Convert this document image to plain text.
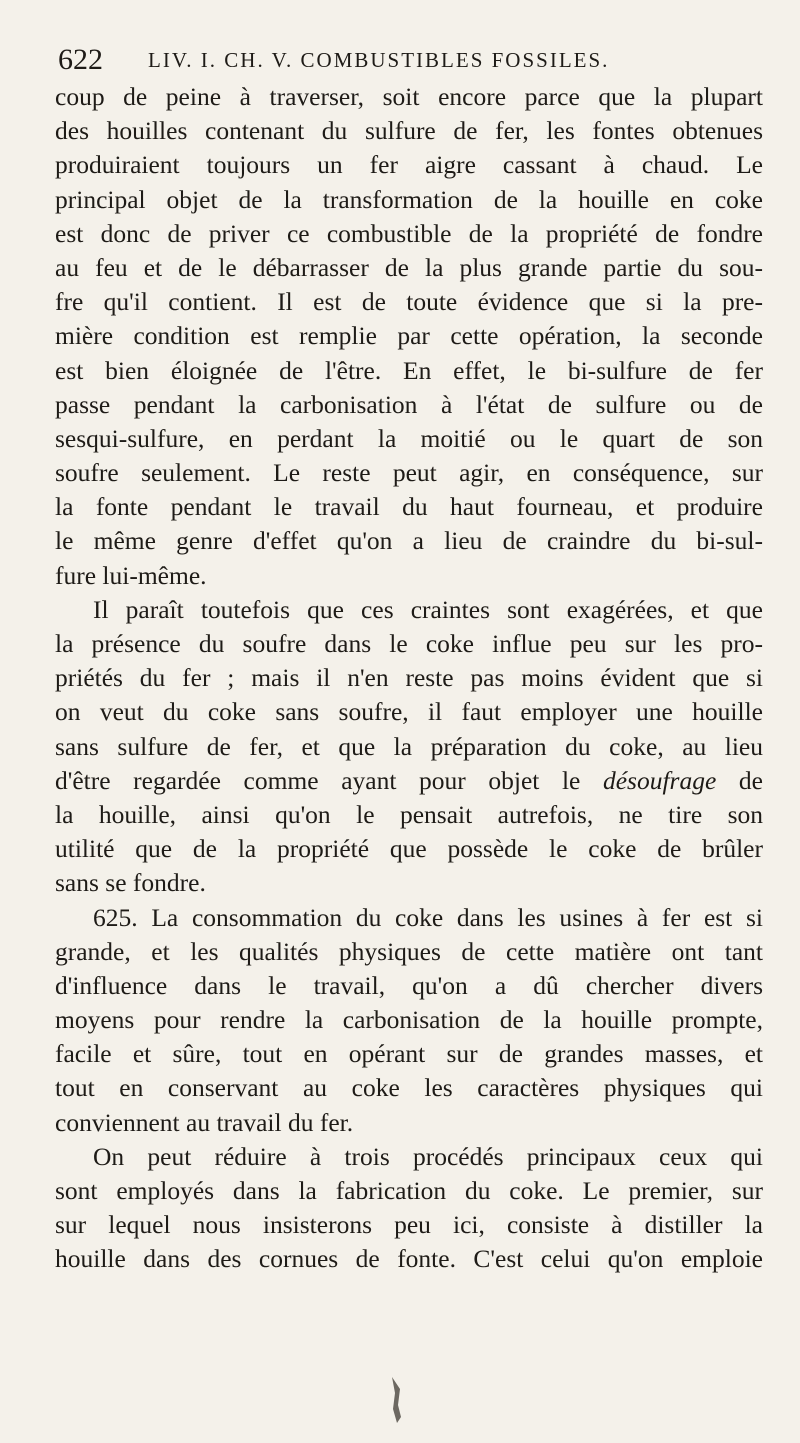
622 LIV. I. CH. V. COMBUSTIBLES FOSSILES.
coup de peine à traverser, soit encore parce que la plupart
des houilles contenant du sulfure de fer, les fontes obtenues
produiraient toujours un fer aigre cassant à chaud. Le
principal objet de la transformation de la houille en coke
est donc de priver ce combustible de la propriété de fondre
au feu et de le débarrasser de la plus grande partie du sou-
fre qu'il contient. Il est de toute évidence que si la pre-
mière condition est remplie par cette opération, la seconde
est bien éloignée de l'être. En effet, le bi-sulfure de fer
passe pendant la carbonisation à l'état de sulfure ou de
sesqui-sulfure, en perdant la moitié ou le quart de son
soufre seulement. Le reste peut agir, en conséquence, sur
la fonte pendant le travail du haut fourneau, et produire
le même genre d'effet qu'on a lieu de craindre du bi-sul-
fure lui-même.
Il paraît toutefois que ces craintes sont exagérées, et que
la présence du soufre dans le coke influe peu sur les pro-
priétés du fer ; mais il n'en reste pas moins évident que si
on veut du coke sans soufre, il faut employer une houille
sans sulfure de fer, et que la préparation du coke, au lieu
d'être regardée comme ayant pour objet le désoufrage de
la houille, ainsi qu'on le pensait autrefois, ne tire son
utilité que de la propriété que possède le coke de brûler
sans se fondre.
625. La consommation du coke dans les usines à fer est si
grande, et les qualités physiques de cette matière ont tant
d'influence dans le travail, qu'on a dû chercher divers
moyens pour rendre la carbonisation de la houille prompte,
facile et sûre, tout en opérant sur de grandes masses, et
tout en conservant au coke les caractères physiques qui
conviennent au travail du fer.
On peut réduire à trois procédés principaux ceux qui
sont employés dans la fabrication du coke. Le premier, sur
sur lequel nous insisterons peu ici, consiste à distiller la
houille dans des cornues de fonte. C'est celui qu'on emploie
